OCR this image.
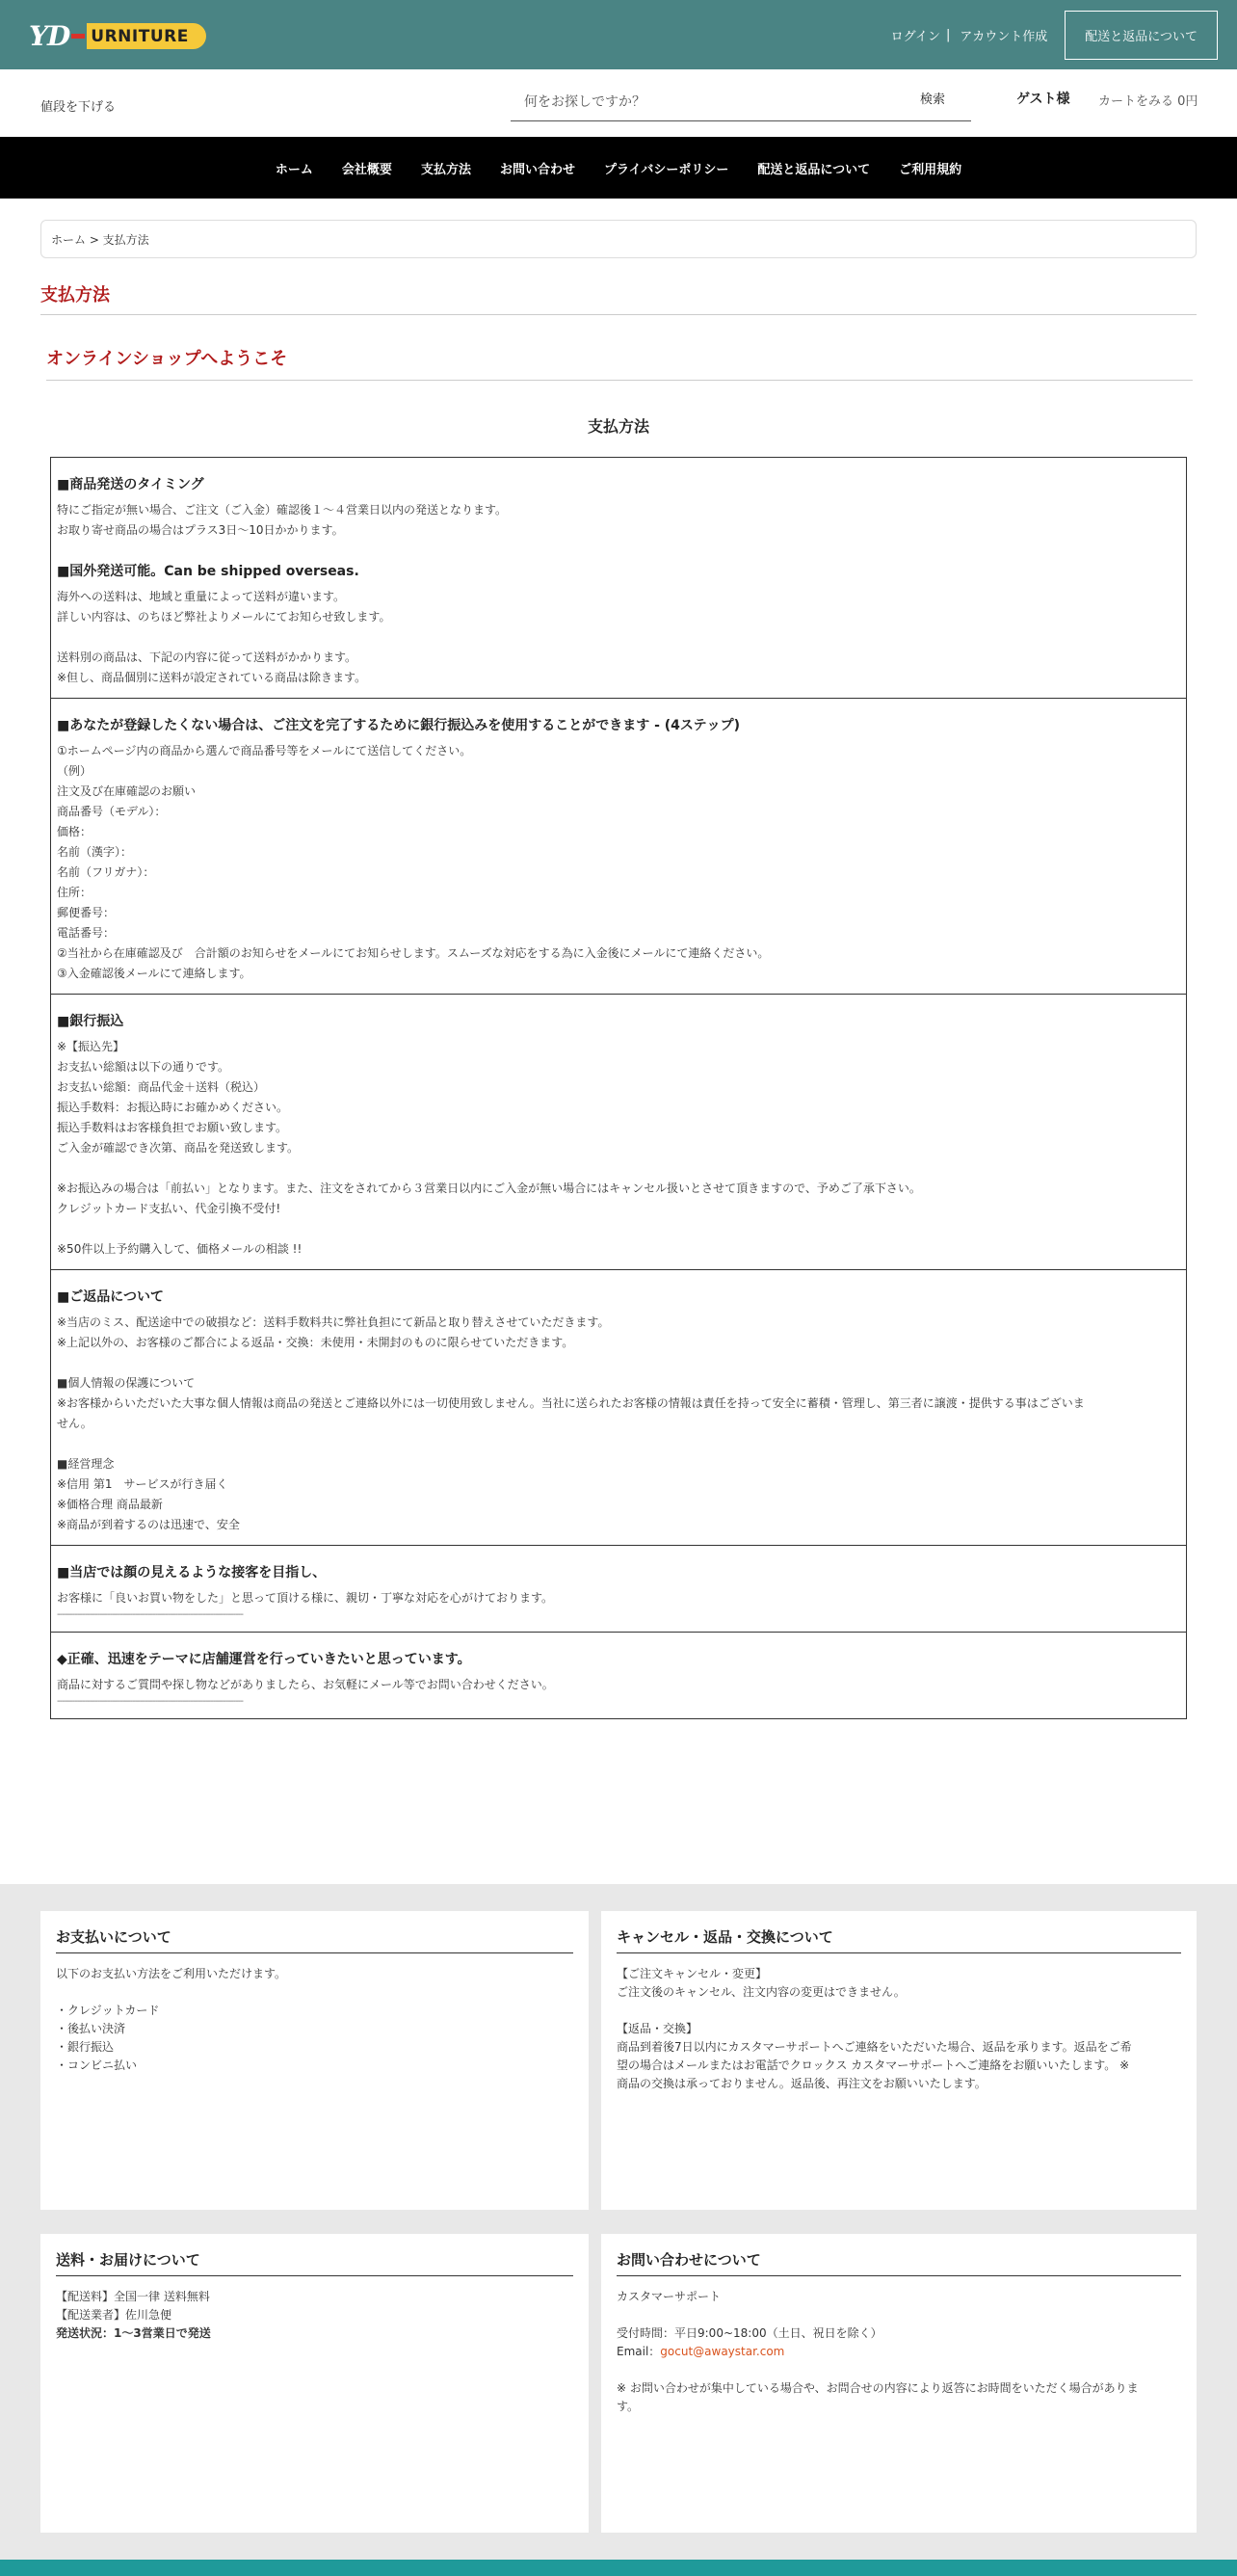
YD URNITURE	ログイン | アカウント作成	配送と返品について
値段を下げる
何をお探しですか？
検索	ゲスト様 カートをみる 0円
ホーム 会社概要 支払方法 お問い合わせ プライバシーポリシー 配送と返品について ご利用規約
ホーム > 支払方法
支払方法
オンラインショップへようこそ
支払方法
■商品発送のタイミング
特にご指定が無い場合、ご注文（ご入金）確認後１～４営業日以内の発送となります。
お取り寄せ商品の場合はプラス3日～10日かかります。
■国外発送可能。Can be shipped overseas.
海外への送料は、地域と重量によって送料が違います。
詳しい内容は、のちほど弊社よりメールにてお知らせ致します。
送料別の商品は、下記の内容に従って送料がかかります。
※但し、商品個別に送料が設定されている商品は除きます。
■あなたが登録したくない場合は、ご注文を完了するために銀行振込みを使用することができます - (4ステップ)
①ホームページ内の商品から選んで商品番号等をメールにて送信してください。
（例）
注文及び在庫確認のお願い
商品番号（モデル）：
価格：
名前（漢字）：
名前（フリガナ）：
住所：
郵便番号：
電話番号：
②当社から在庫確認及び　合計額のお知らせをメールにてお知らせします。スムーズな対応をする為に入金後にメールにて連絡ください。
③入金確認後メールにて連絡します。
■銀行振込
※【振込先】
お支払い総額は以下の通りです。
お支払い総額：商品代金＋送料（税込）
振込手数料：お振込時にお確かめください。
振込手数料はお客様負担でお願い致します。
ご入金が確認でき次第、商品を発送致します。
※お振込みの場合は「前払い」となります。また、注文をされてから３営業日以内にご入金が無い場合にはキャンセル扱いとさせて頂きますので、予めご了承下さい。
クレジットカード支払い、代金引換不受付!
※50件以上予約購入して、価格メールの相談 !!
■ご返品について
※当店のミス、配送途中での破損など：送料手数料共に弊社負担にて新品と取り替えさせていただきます。
※上記以外の、お客様のご都合による返品・交換：未使用・未開封のものに限らせていただきます。
■個人情報の保護について
※お客様からいただいた大事な個人情報は商品の発送とご連絡以外には一切使用致しません。当社に送られたお客様の情報は責任を持って安全に蓄積・管理し、第三者に譲渡・提供する事はございま
せん。
■経営理念
※信用 第1　サービスが行き届く
※価格合理 商品最新
※商品が到着するのは迅速で、安全
■当店では顔の見えるような接客を目指し、
お客様に「良いお買い物をした」と思って頂ける様に、親切・丁寧な対応を心がけております。
--------------------------------------------------------------------------
◆正確、迅速をテーマに店舗運営を行っていきたいと思っています。
商品に対するご質問や探し物などがありましたら、お気軽にメール等でお問い合わせください。
--------------------------------------------------------------------------
お支払いについて
以下のお支払い方法をご利用いただけます。
・クレジットカード
・後払い決済
・銀行振込
・コンビニ払い
キャンセル・返品・交換について
【ご注文キャンセル・変更】
ご注文後のキャンセル、注文内容の変更はできません。
【返品・交換】
商品到着後7日以内にカスタマーサポートへご連絡をいただいた場合、返品を承ります。返品をご希
望の場合はメールまたはお電話でクロックス カスタマーサポートへご連絡をお願いいたします。 ※
商品の交換は承っておりません。返品後、再注文をお願いいたします。
送料・お届けについて
【配送料】全国一律 送料無料
【配送業者】佐川急便
発送状況：1～3営業日で発送
お問い合わせについて
カスタマーサポート
受付時間：平日9:00~18:00（土日、祝日を除く）
Email：gocut@awaystar.com
※ お問い合わせが集中している場合や、お問合せの内容により返答にお時間をいただく場合がありま
す。
